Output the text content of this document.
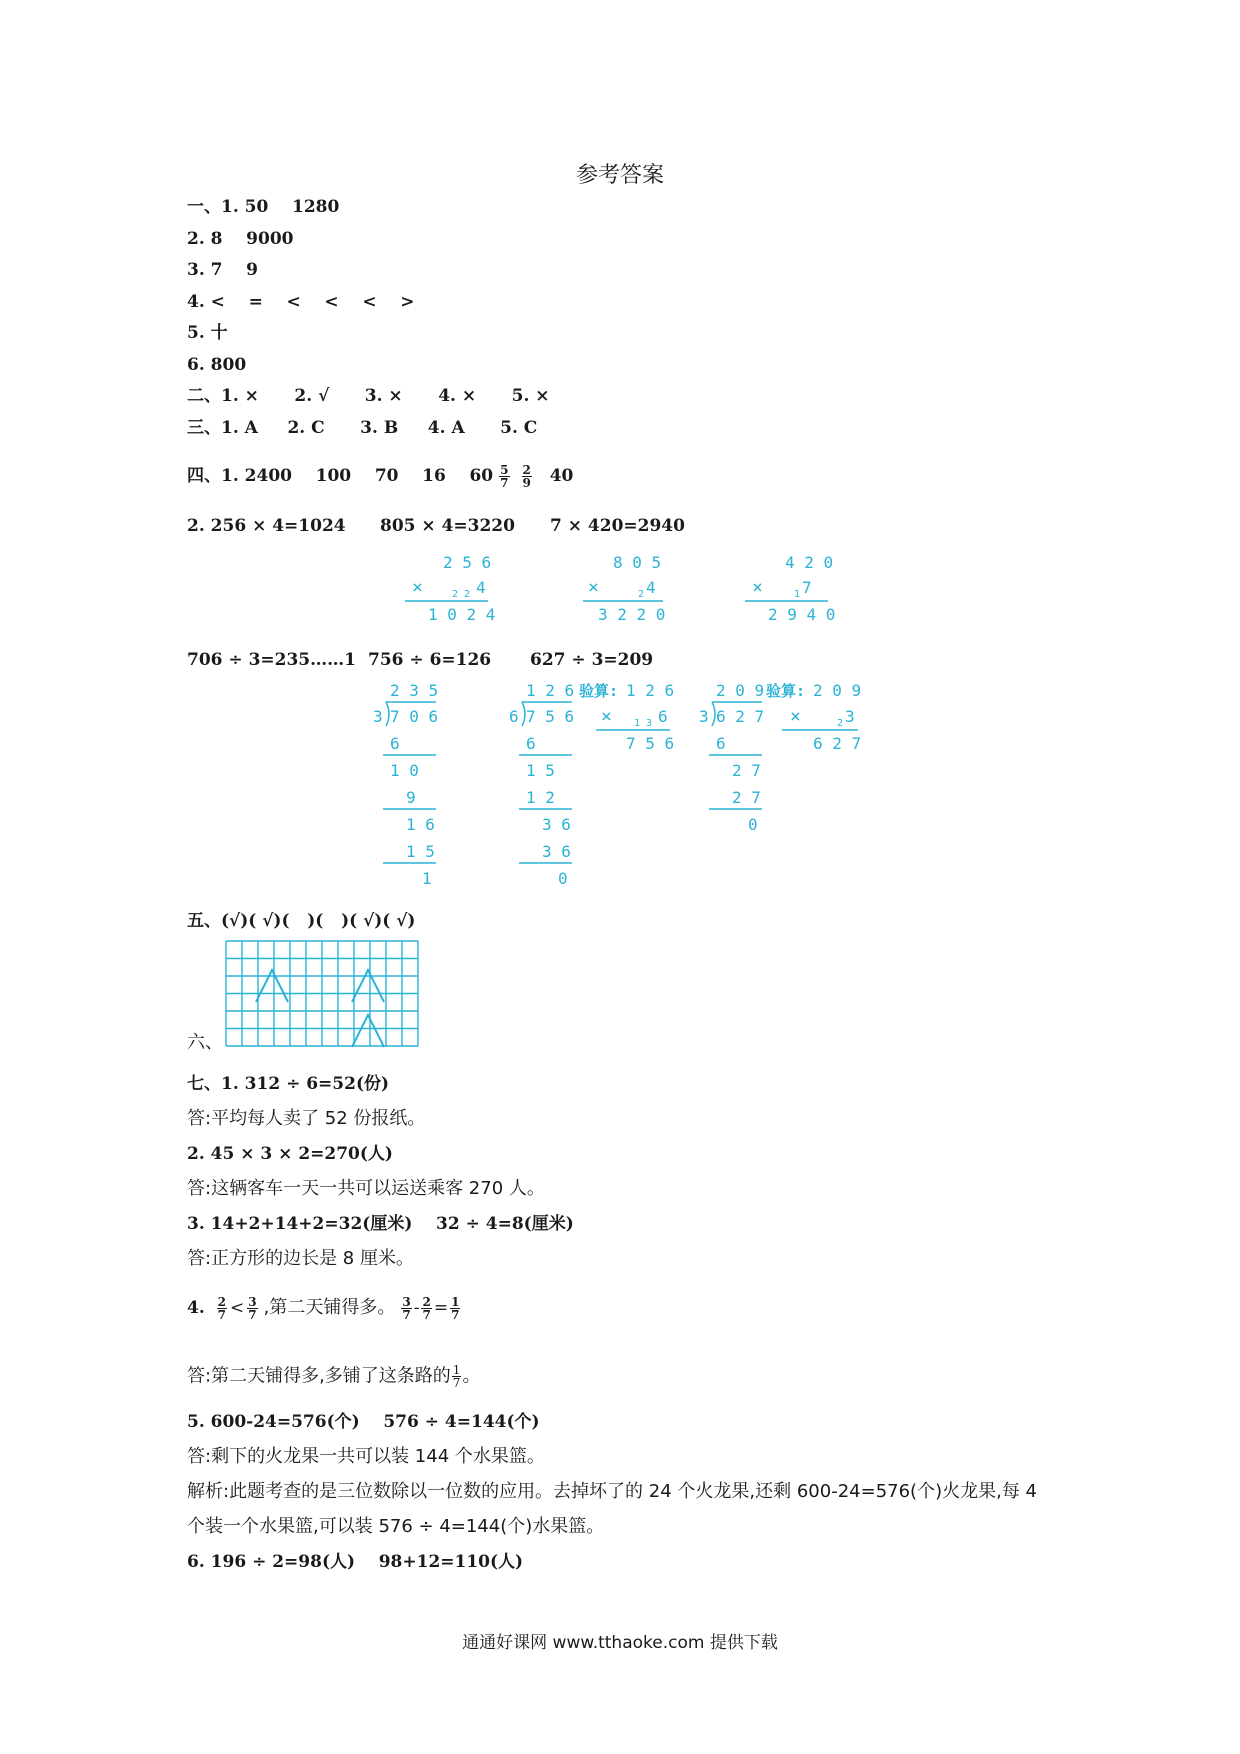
参考答案
一、1. 50    1280
2. 8    9000
3. 7    9
4. <    =    <    <    <    >
5. 十
6. 800
二、1. ×      2. √      3. ×      4. ×      5. ×
三、1. A     2. C      3. B     4. A      5. C
四、1. 2400    100    70    16    $60 \frac{5}{7} \frac{2}{9} 40$
2. 256 × 4=1024 805 × 4=3220 7 × 420=2940
2 5 6
×	2 2 4
1 0 2 4
8 0 5
×	2 4
3 2 2 0
4 2 0
×	1 7
2 9 4 0
706 ÷ 3=235……1 756 ÷ 6=126 627 ÷ 3=209
2 3 5
3 7 0 6
6
1 0
9
1 6
1 5
1
1 2 6
6 7 5 6
6
1 5
1 2
3 6
3 6
0
验算: 1 2 6
× 1 3 6
7 5 6
2 0 9
3 6 2 7
6
2 7
2 7
0
验算: 2 0 9
×	2 3
6 2 7
五、(√)( √)(   )(   )( √)( √)
六、
七、1. 312 ÷ 6=52(份)
答:平均每人卖了 52 份报纸。
2. 45 × 3 × 2=270(人)
答:这辆客车一天一共可以运送乘客 270 人。
3. 14+2+14+2=32(厘米)    32 ÷ 4=8(厘米)
答:正方形的边长是 8 厘米。
4. $\frac{2}{7} < \frac{3}{7}$ ,第二天铺得多。 $\frac{3}{7} - \frac{2}{7} = \frac{1}{7}$
答:第二天铺得多,多铺了这条路的 $\frac{1}{7}$ 。
5. 600-24=576(个)    576 ÷ 4=144(个)
答:剩下的火龙果一共可以装 144 个水果篮。
解析:此题考查的是三位数除以一位数的应用。去掉坏了的 24 个火龙果,还剩 600-24=576(个)火龙果,每 4
个装一个水果篮,可以装 576 ÷ 4=144(个)水果篮。
6. 196 ÷ 2=98(人)    98+12=110(人)
通通好课网 www.tthaoke.com 提供下载
